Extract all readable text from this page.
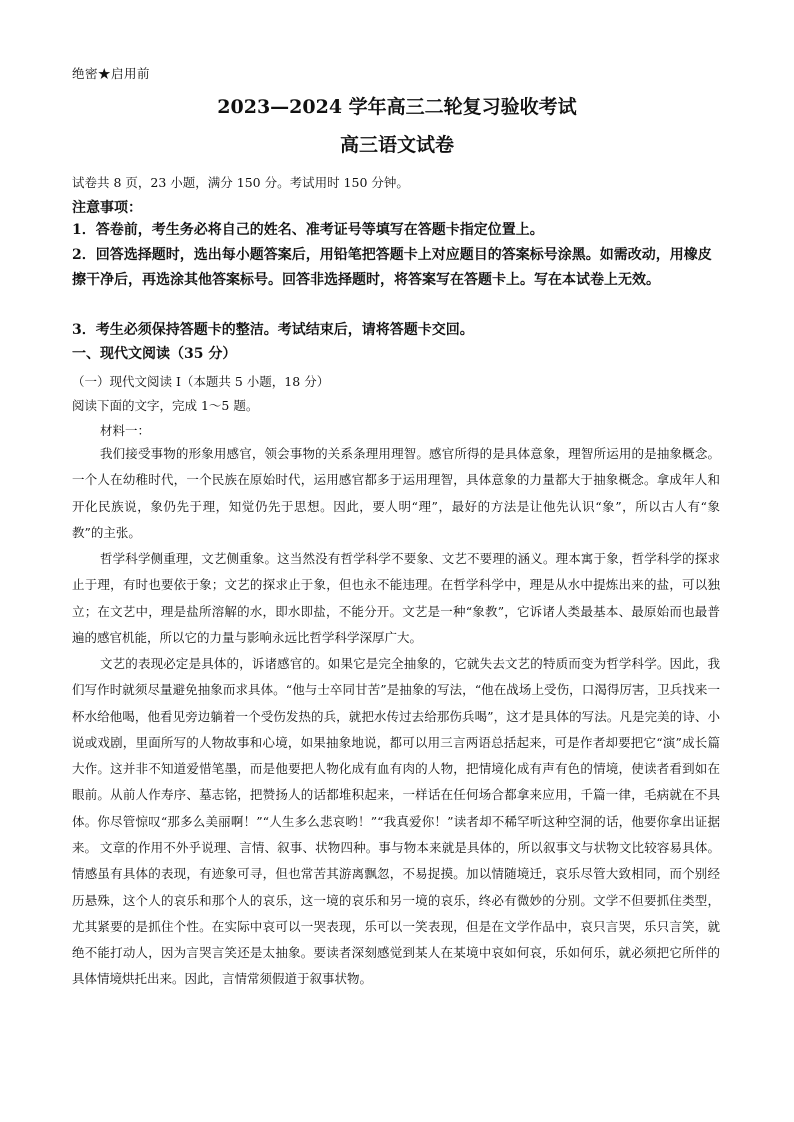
绝密★启用前
2023—2024 学年高三二轮复习验收考试
高三语文试卷
试卷共 8 页，23 小题，满分 150 分。考试用时 150 分钟。
注意事项：
1．答卷前，考生务必将自己的姓名、准考证号等填写在答题卡指定位置上。
2．回答选择题时，选出每小题答案后，用铅笔把答题卡上对应题目的答案标号涂黑。如需改动，用橡皮擦干净后，再选涂其他答案标号。回答非选择题时，将答案写在答题卡上。写在本试卷上无效。
3．考生必须保持答题卡的整洁。考试结束后，请将答题卡交回。
一、现代文阅读（35 分）
（一）现代文阅读 I（本题共 5 小题，18 分）
阅读下面的文字，完成 1～5 题。
材料一：
我们接受事物的形象用感官，领会事物的关系条理用理智。感官所得的是具体意象，理智所运用的是抽象概念。一个人在幼稚时代，一个民族在原始时代，运用感官都多于运用理智，具体意象的力量都大于抽象概念。拿成年人和开化民族说，象仍先于理，知觉仍先于思想。因此，要人明“理”，最好的方法是让他先认识“象”，所以古人有“象教”的主张。
哲学科学侧重理，文艺侧重象。这当然没有哲学科学不要象、文艺不要理的涵义。理本寓于象，哲学科学的探求止于理，有时也要依于象；文艺的探求止于象，但也永不能违理。在哲学科学中，理是从水中提炼出来的盐，可以独立；在文艺中，理是盐所溶解的水，即水即盐，不能分开。文艺是一种“象教”，它诉诸人类最基本、最原始而也最普遍的感官机能，所以它的力量与影响永远比哲学科学深厚广大。
文艺的表现必定是具体的，诉诸感官的。如果它是完全抽象的，它就失去文艺的特质而变为哲学科学。因此，我们写作时就须尽量避免抽象而求具体。“他与士卒同甘苦”是抽象的写法，“他在战场上受伤，口渴得厉害，卫兵找来一杯水给他喝，他看见旁边躺着一个受伤发热的兵，就把水传过去给那伤兵喝”，这才是具体的写法。凡是完美的诗、小说或戏剧，里面所写的人物故事和心境，如果抽象地说，都可以用三言两语总括起来，可是作者却要把它“演”成长篇大作。这并非不知道爱惜笔墨，而是他要把人物化成有血有肉的人物，把情境化成有声有色的情境，使读者看到如在眼前。从前人作寿序、墓志铭，把赞扬人的话都堆积起来，一样话在任何场合都拿来应用，千篇一律，毛病就在不具体。你尽管惊叹“那多么美丽啊！”“人生多么悲哀哟！”“我真爱你！”读者却不稀罕听这种空洞的话，他要你拿出证据来。 文章的作用不外乎说理、言情、叙事、状物四种。事与物本来就是具体的，所以叙事文与状物文比较容易具体。情感虽有具体的表现，有迹象可寻，但也常苦其游离飘忽，不易捉摸。加以情随境迁，哀乐尽管大致相同，而个别经历悬殊，这个人的哀乐和那个人的哀乐，这一境的哀乐和另一境的哀乐，终必有微妙的分别。文学不但要抓住类型，尤其紧要的是抓住个性。在实际中哀可以一哭表现，乐可以一笑表现，但是在文学作品中，哀只言哭，乐只言笑，就绝不能打动人，因为言哭言笑还是太抽象。要读者深刻感觉到某人在某境中哀如何哀，乐如何乐，就必须把它所伴的具体情境烘托出来。因此，言情常须假道于叙事状物。
